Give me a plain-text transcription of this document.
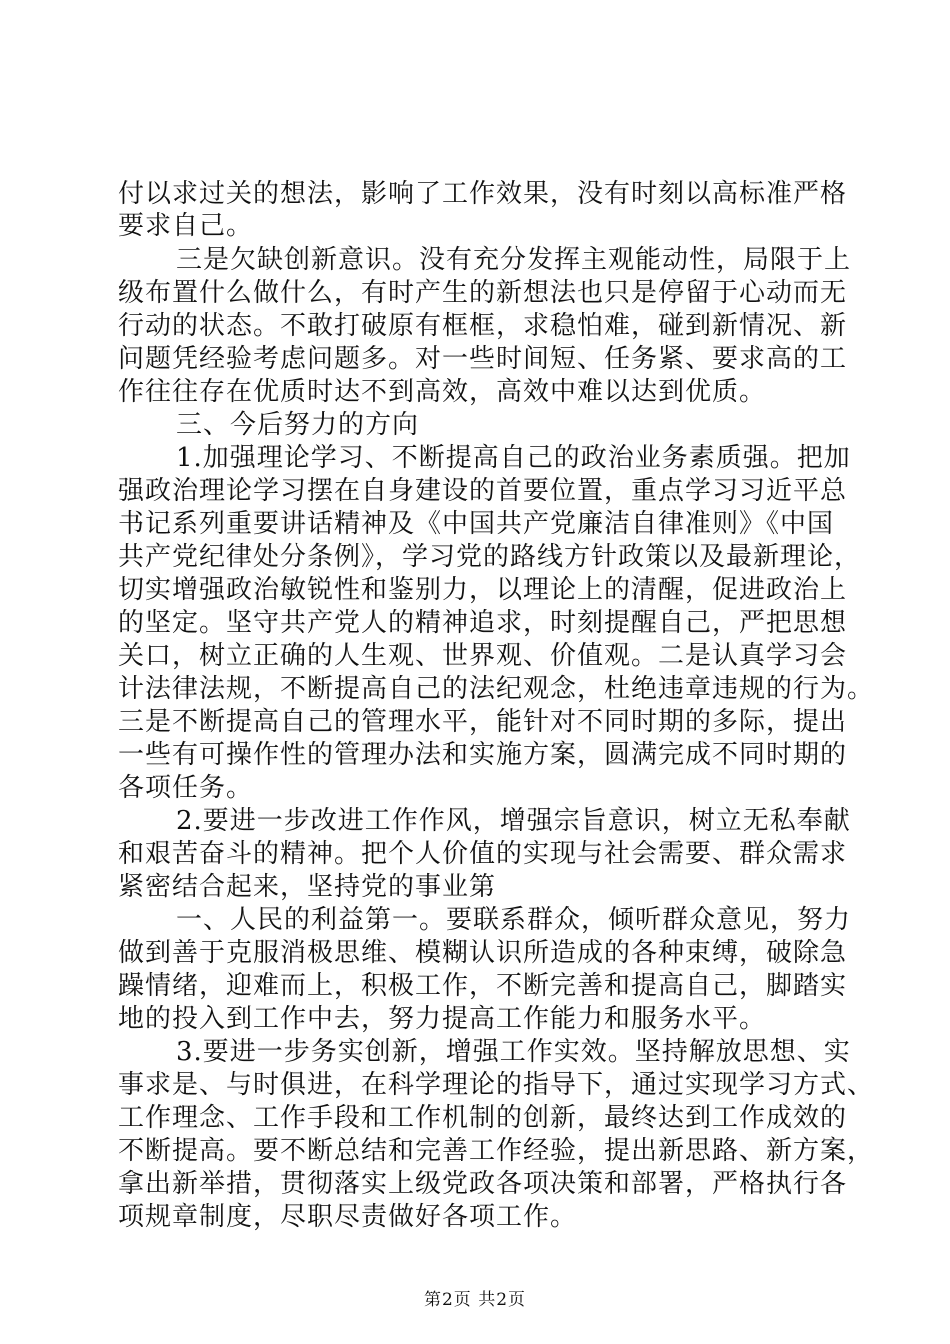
付以求过关的想法，影响了工作效果，没有时刻以高标准严格
要求自己。
三是欠缺创新意识。没有充分发挥主观能动性，局限于上
级布置什么做什么，有时产生的新想法也只是停留于心动而无
行动的状态。不敢打破原有框框，求稳怕难，碰到新情况、新
问题凭经验考虑问题多。对一些时间短、任务紧、要求高的工
作往往存在优质时达不到高效，高效中难以达到优质。
三、今后努力的方向
1.加强理论学习、不断提高自己的政治业务素质强。把加
强政治理论学习摆在自身建设的首要位置，重点学习习近平总
书记系列重要讲话精神及《中国共产党廉洁自律准则》《中国
共产党纪律处分条例》，学习党的路线方针政策以及最新理论，
切实增强政治敏锐性和鉴别力，以理论上的清醒，促进政治上
的坚定。坚守共产党人的精神追求，时刻提醒自己，严把思想
关口，树立正确的人生观、世界观、价值观。二是认真学习会
计法律法规，不断提高自己的法纪观念，杜绝违章违规的行为。
三是不断提高自己的管理水平，能针对不同时期的多际，提出
一些有可操作性的管理办法和实施方案，圆满完成不同时期的
各项任务。
2.要进一步改进工作作风，增强宗旨意识，树立无私奉献
和艰苦奋斗的精神。把个人价值的实现与社会需要、群众需求
紧密结合起来，坚持党的事业第
一、人民的利益第一。要联系群众，倾听群众意见，努力
做到善于克服消极思维、模糊认识所造成的各种束缚，破除急
躁情绪，迎难而上，积极工作，不断完善和提高自己，脚踏实
地的投入到工作中去，努力提高工作能力和服务水平。
3.要进一步务实创新，增强工作实效。坚持解放思想、实
事求是、与时俱进，在科学理论的指导下，通过实现学习方式、
工作理念、工作手段和工作机制的创新，最终达到工作成效的
不断提高。要不断总结和完善工作经验，提出新思路、新方案，
拿出新举措，贯彻落实上级党政各项决策和部署，严格执行各
项规章制度，尽职尽责做好各项工作。
第2页 共2页
